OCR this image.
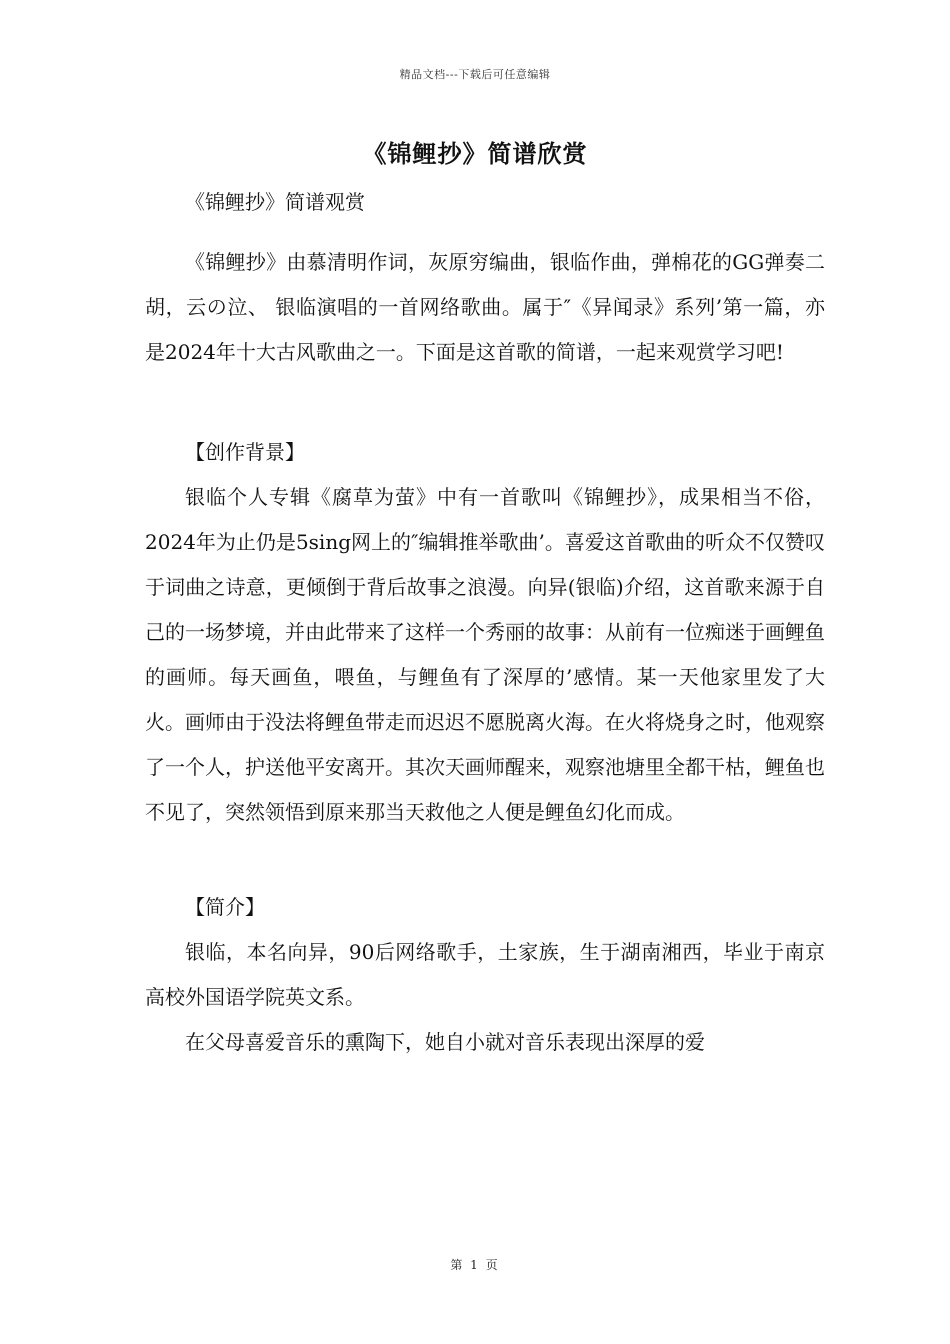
精品文档---下载后可任意编辑
《锦鲤抄》简谱欣赏

《锦鲤抄》简谱观赏

《锦鲤抄》由慕清明作词，灰原穷编曲，银临作曲，弹棉花的GG弹奏二胡，云の泣、 银临演唱的一首网络歌曲。属于″《异闻录》系列’第一篇，亦是2024年十大古风歌曲之一。下面是这首歌的简谱，一起来观赏学习吧!

【创作背景】

银临个人专辑《腐草为萤》中有一首歌叫《锦鲤抄》，成果相当不俗，2024年为止仍是5sing网上的″编辑推举歌曲’。喜爱这首歌曲的听众不仅赞叹于词曲之诗意，更倾倒于背后故事之浪漫。向异(银临)介绍，这首歌来源于自己的一场梦境，并由此带来了这样一个秀丽的故事：从前有一位痴迷于画鲤鱼的画师。每天画鱼，喂鱼，与鲤鱼有了深厚的’感情。某一天他家里发了大火。画师由于没法将鲤鱼带走而迟迟不愿脱离火海。在火将烧身之时，他观察了一个人，护送他平安离开。其次天画师醒来，观察池塘里全都干枯，鲤鱼也不见了，突然领悟到原来那当天救他之人便是鲤鱼幻化而成。

【简介】

银临，本名向异，90后网络歌手，土家族，生于湖南湘西，毕业于南京高校外国语学院英文系。

在父母喜爱音乐的熏陶下，她自小就对音乐表现出深厚的爱

第 1 页
